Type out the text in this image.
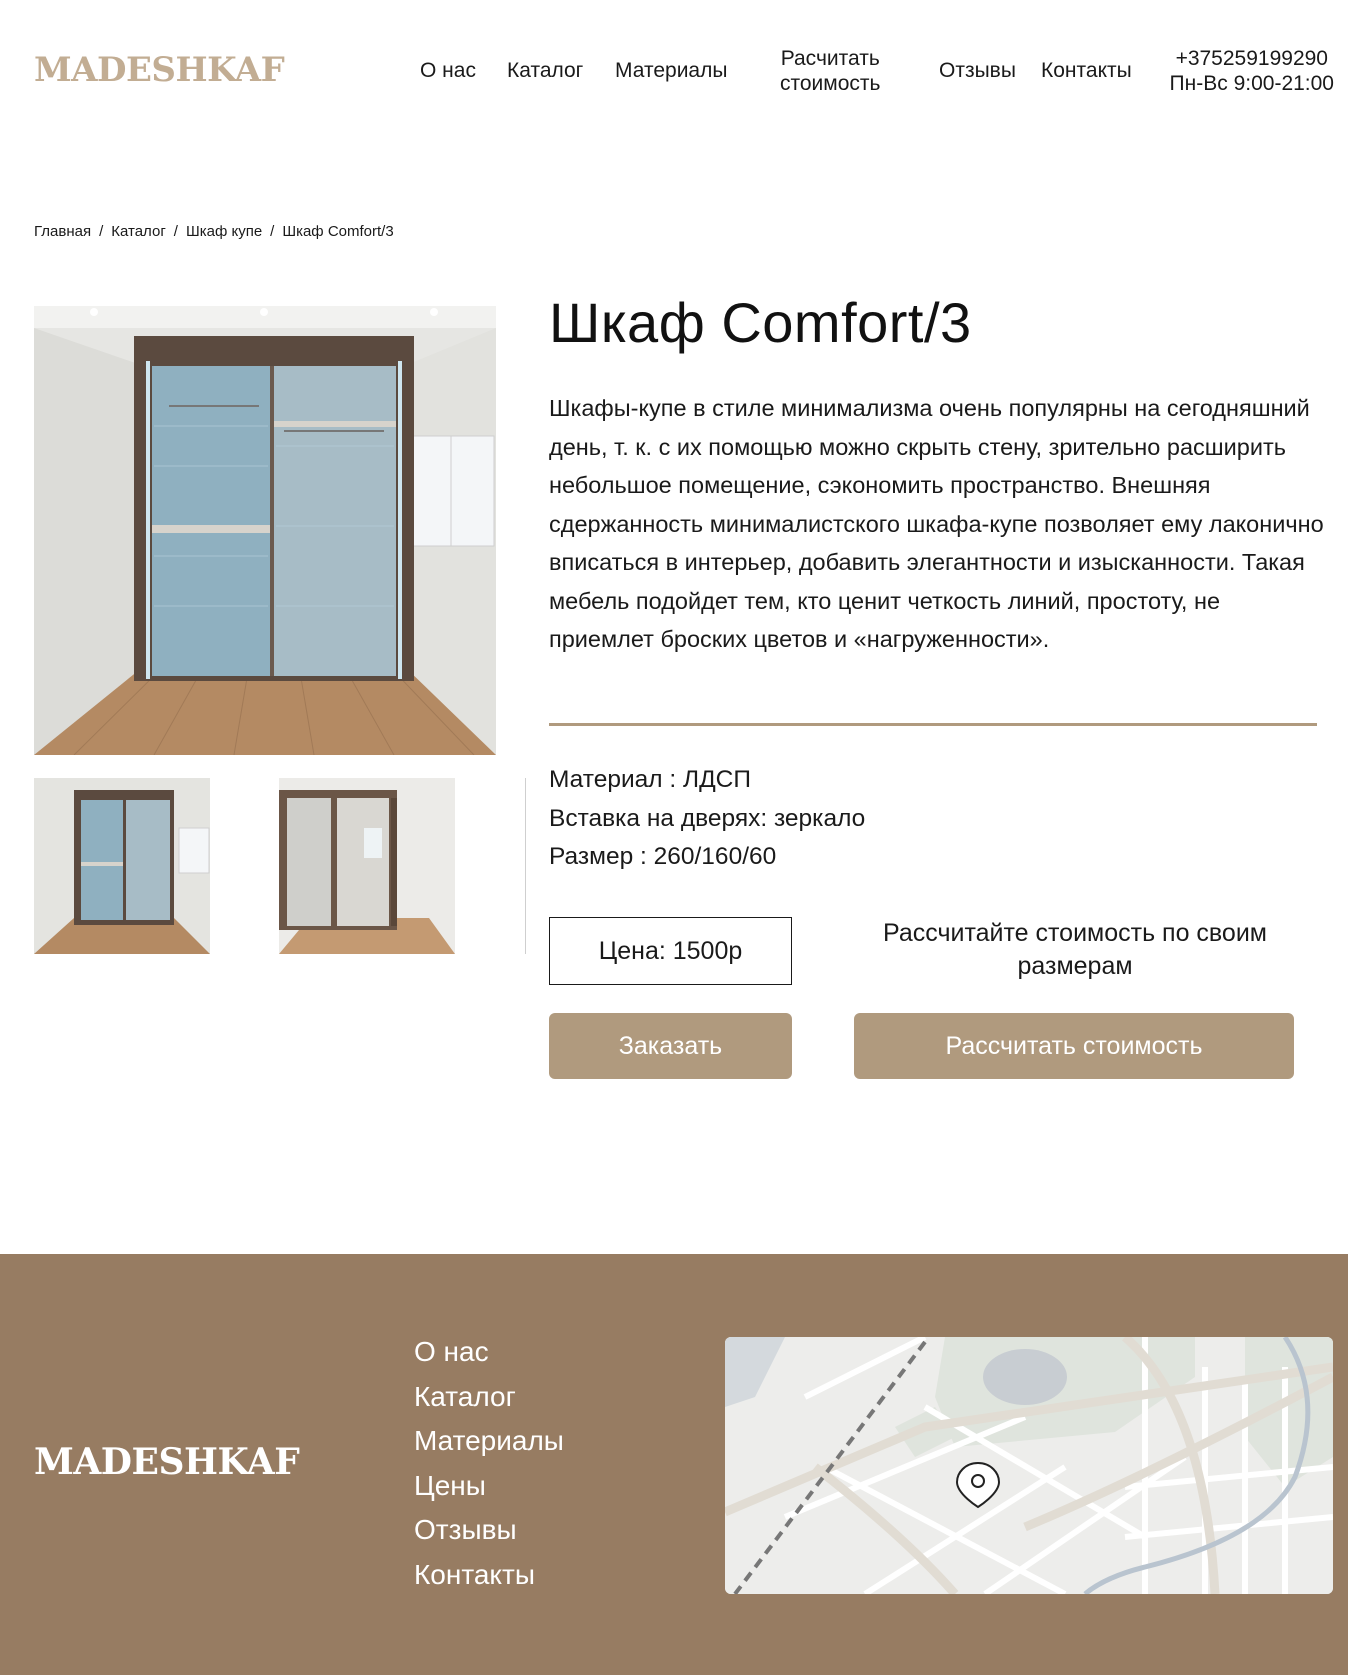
MADESHKAF	О нас Каталог Материалы
Расчитать
стоимость
Отзывы Контакты
+375259199290
Пн-Вс 9:00-21:00
Главная / Каталог / Шкаф купе / Шкаф Comfort/3
Шкаф Comfort/3

Шкафы-купе в стиле минимализма очень популярны на сегодняшний день, т. к. с их помощью можно скрыть стену, зрительно расширить небольшое помещение, сэкономить пространство. Внешняя сдержанность минималистского шкафа-купе позволяет ему лаконично вписаться в интерьер, добавить элегантности и изысканности. Такая мебель подойдет тем, кто ценит четкость линий, простоту, не приемлет броских цветов и «нагруженности».

Материал : ЛДСП
Вставка на дверях: зеркало
Размер : 260/160/60
Цена: 1500р
Рассчитайте стоимость по своим размерам
Заказать	Рассчитать стоимость
MADESHKAF
О нас
Каталог
Материалы
Цены
Отзывы
Контакты
